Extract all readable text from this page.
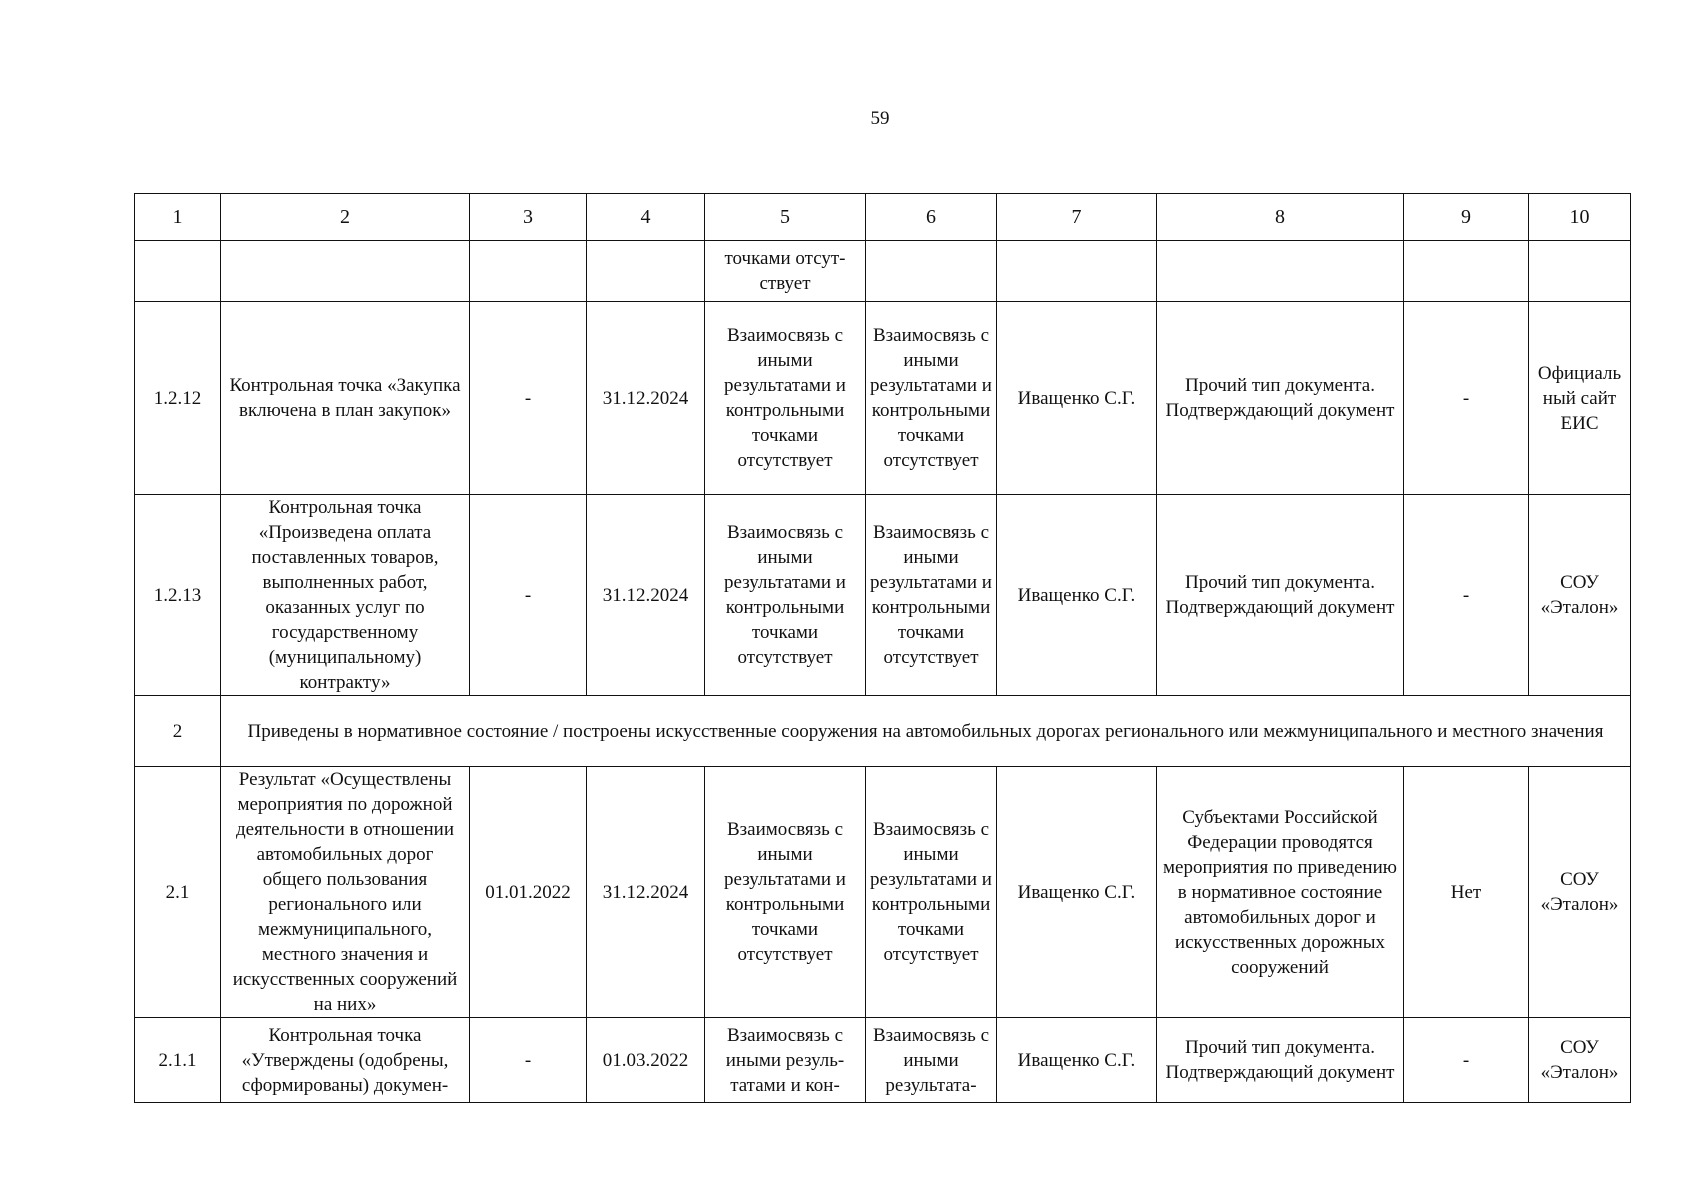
59
1	2	3	4	5	6	7	8	9	10
				точками отсут-ствует					
1.2.12	Контрольная точка «Закупка включена в план закупок»	-	31.12.2024	Взаимосвязь с иными результатами и контрольными точками отсутствует	Взаимосвязь с иными результатами и контрольными точками отсутствует	Иващенко С.Г.	Прочий тип документа. Подтверждающий документ	-	Официальный сайт ЕИС
1.2.13	Контрольная точка «Произведена оплата поставленных товаров, выполненных работ, оказанных услуг по государственному (муниципальному) контракту»	-	31.12.2024	Взаимосвязь с иными результатами и контрольными точками отсутствует	Взаимосвязь с иными результатами и контрольными точками отсутствует	Иващенко С.Г.	Прочий тип документа. Подтверждающий документ	-	СОУ «Эталон»
2	Приведены в нормативное состояние / построены искусственные сооружения на автомобильных дорогах регионального или межмуниципального и местного значения								
2.1	Результат «Осуществлены мероприятия по дорожной деятельности в отношении автомобильных дорог общего пользования регионального или межмуниципального, местного значения и искусственных сооружений на них»	01.01.2022	31.12.2024	Взаимосвязь с иными результатами и контрольными точками отсутствует	Взаимосвязь с иными результатами и контрольными точками отсутствует	Иващенко С.Г.	Субъектами Российской Федерации проводятся мероприятия по приведению в нормативное состояние автомобильных дорог и искусственных дорожных сооружений	Нет	СОУ «Эталон»
2.1.1	Контрольная точка «Утверждены (одобрены, сформированы) докумен-	-	01.03.2022	Взаимосвязь с иными резуль-татами и кон-	Взаимосвязь с иными результата-	Иващенко С.Г.	Прочий тип документа. Подтверждающий документ	-	СОУ «Эталон»
